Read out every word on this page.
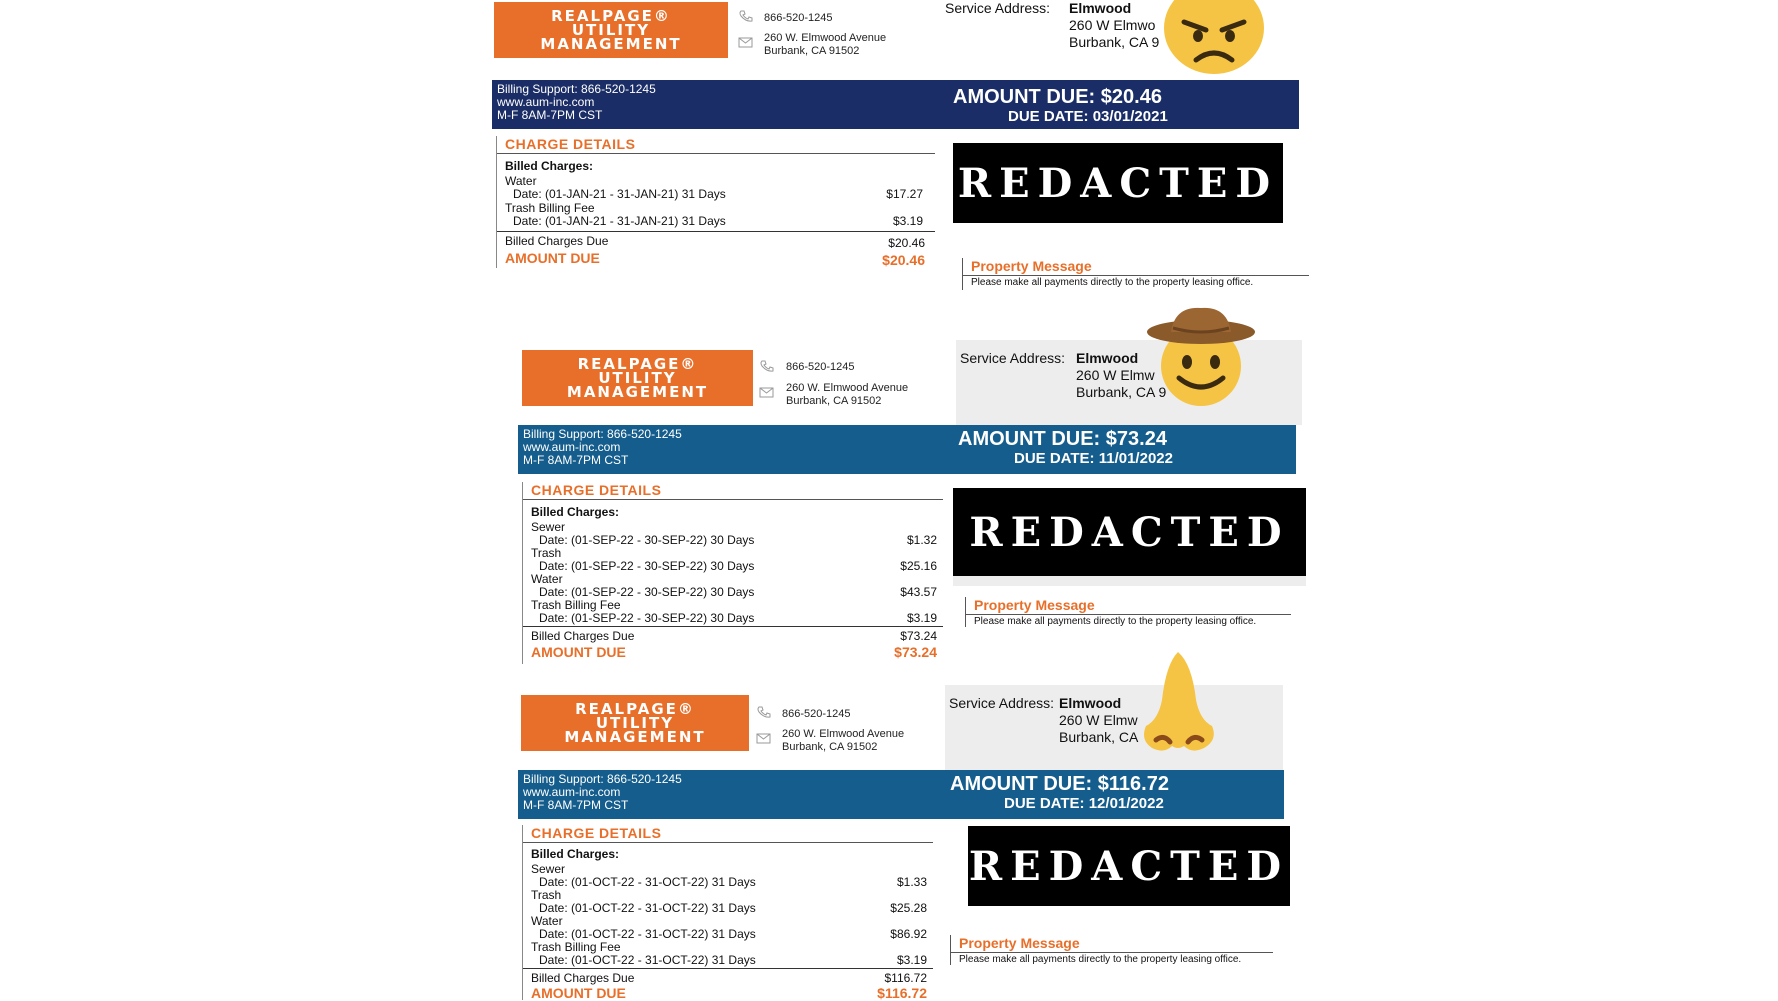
REALPAGE®
UTILITY
MANAGEMENT
866-520-1245
260 W. Elmwood Avenue
Burbank, CA 91502
Service Address: Elmwood
260 W Elmwo
Burbank, CA 9
Billing Support: 866-520-1245
www.aum-inc.com
M-F 8AM-7PM CST
AMOUNT DUE: $20.46
DUE DATE: 03/01/2021
CHARGE DETAILS
Billed Charges:
Water
Date: (01-JAN-21 - 31-JAN-21) 31 Days	$17.27
Trash Billing Fee
Date: (01-JAN-21 - 31-JAN-21) 31 Days	$3.19
Billed Charges Due	$20.46
AMOUNT DUE	$20.46
REDACTED
Property Message
Please make all payments directly to the property leasing office.
REALPAGE®
UTILITY
MANAGEMENT
866-520-1245
260 W. Elmwood Avenue
Burbank, CA 91502
Service Address: Elmwood
260 W Elmw
Burbank, CA 9
Billing Support: 866-520-1245
www.aum-inc.com
M-F 8AM-7PM CST
AMOUNT DUE: $73.24
DUE DATE: 11/01/2022
CHARGE DETAILS
Billed Charges:
Sewer
Date: (01-SEP-22 - 30-SEP-22) 30 Days	$1.32
Trash
Date: (01-SEP-22 - 30-SEP-22) 30 Days	$25.16
Water
Date: (01-SEP-22 - 30-SEP-22) 30 Days	$43.57
Trash Billing Fee
Date: (01-SEP-22 - 30-SEP-22) 30 Days	$3.19
Billed Charges Due	$73.24
AMOUNT DUE	$73.24
REDACTED
Property Message
Please make all payments directly to the property leasing office.
REALPAGE®
UTILITY
MANAGEMENT
866-520-1245
260 W. Elmwood Avenue
Burbank, CA 91502
Service Address: Elmwood
260 W Elmw
Burbank, CA
Billing Support: 866-520-1245
www.aum-inc.com
M-F 8AM-7PM CST
AMOUNT DUE: $116.72
DUE DATE: 12/01/2022
CHARGE DETAILS
Billed Charges:
Sewer
Date: (01-OCT-22 - 31-OCT-22) 31 Days	$1.33
Trash
Date: (01-OCT-22 - 31-OCT-22) 31 Days	$25.28
Water
Date: (01-OCT-22 - 31-OCT-22) 31 Days	$86.92
Trash Billing Fee
Date: (01-OCT-22 - 31-OCT-22) 31 Days	$3.19
Billed Charges Due	$116.72
AMOUNT DUE	$116.72
REDACTED
Property Message
Please make all payments directly to the property leasing office.
